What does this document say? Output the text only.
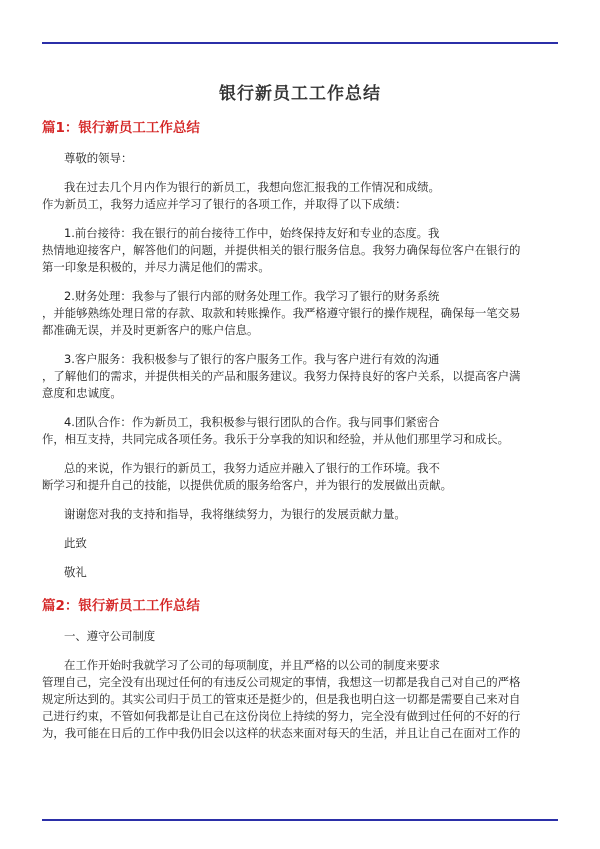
银行新员工工作总结
篇1：银行新员工工作总结

尊敬的领导：

我在过去几个月内作为银行的新员工，我想向您汇报我的工作情况和成绩。

作为新员工，我努力适应并学习了银行的各项工作，并取得了以下成绩：

1.前台接待：我在银行的前台接待工作中，始终保持友好和专业的态度。我

热情地迎接客户，解答他们的问题，并提供相关的银行服务信息。我努力确保每位客户在银行的

第一印象是积极的，并尽力满足他们的需求。

2.财务处理：我参与了银行内部的财务处理工作。我学习了银行的财务系统

，并能够熟练处理日常的存款、取款和转账操作。我严格遵守银行的操作规程，确保每一笔交易

都准确无误，并及时更新客户的账户信息。

3.客户服务：我积极参与了银行的客户服务工作。我与客户进行有效的沟通

，了解他们的需求，并提供相关的产品和服务建议。我努力保持良好的客户关系，以提高客户满

意度和忠诚度。

4.团队合作：作为新员工，我积极参与银行团队的合作。我与同事们紧密合

作，相互支持，共同完成各项任务。我乐于分享我的知识和经验，并从他们那里学习和成长。

总的来说，作为银行的新员工，我努力适应并融入了银行的工作环境。我不

断学习和提升自己的技能，以提供优质的服务给客户，并为银行的发展做出贡献。

谢谢您对我的支持和指导，我将继续努力，为银行的发展贡献力量。

此致

敬礼

篇2：银行新员工工作总结

一、遵守公司制度

在工作开始时我就学习了公司的每项制度，并且严格的以公司的制度来要求

管理自己，完全没有出现过任何的有违反公司规定的事情，我想这一切都是我自己对自己的严格

规定所达到的。其实公司归于员工的管束还是挺少的，但是我也明白这一切都是需要自己来对自

己进行约束，不管如何我都是让自己在这份岗位上持续的努力，完全没有做到过任何的不好的行

为，我可能在日后的工作中我仍旧会以这样的状态来面对每天的生活，并且让自己在面对工作的
